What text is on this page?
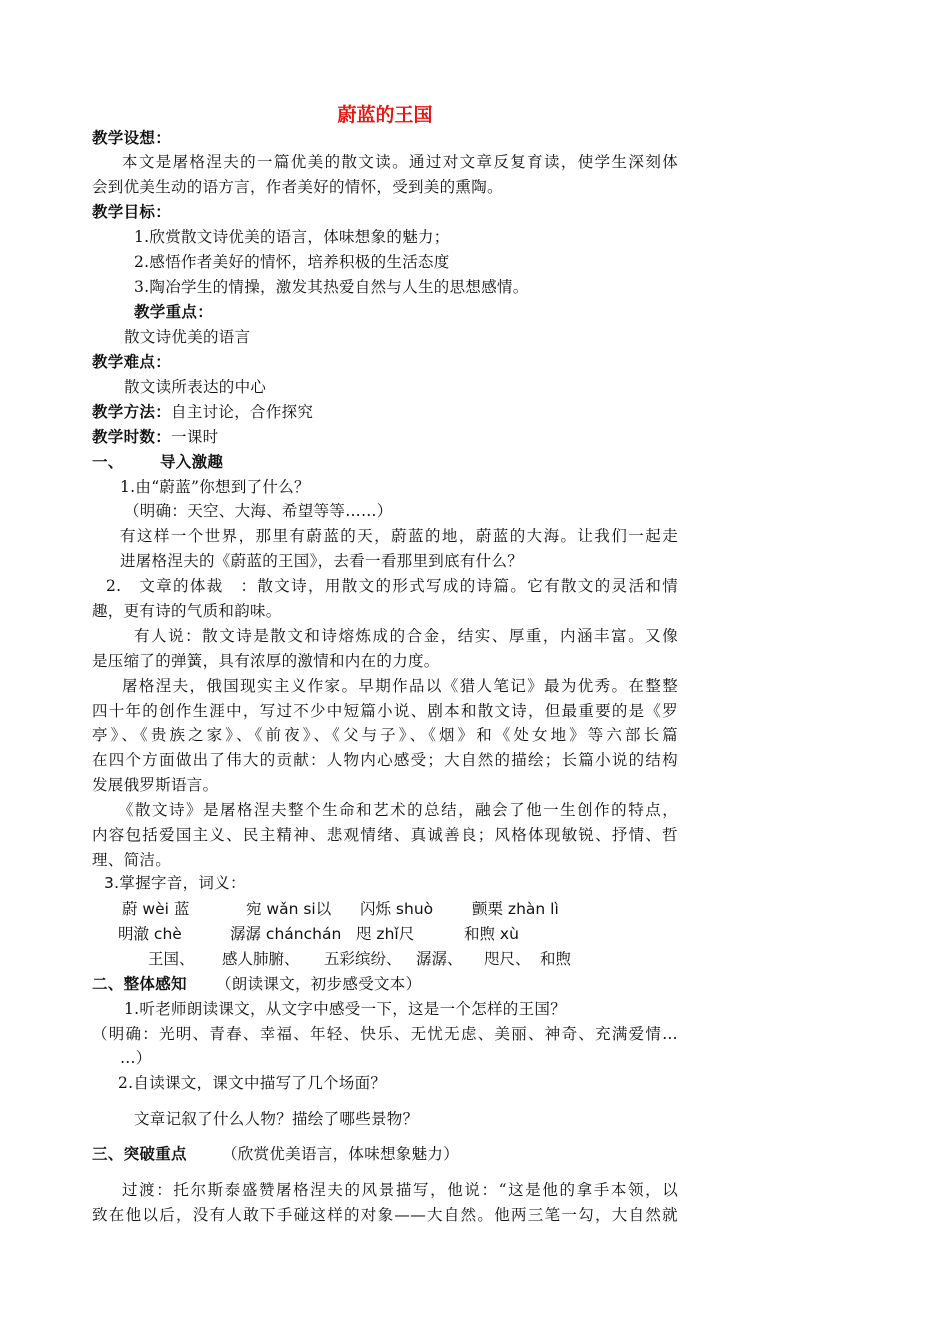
蔚蓝的王国
教学设想：
本文是屠格涅夫的一篇优美的散文读。通过对文章反复育读，使学生深刻体
会到优美生动的语方言，作者美好的情怀，受到美的熏陶。
教学目标：
1.欣赏散文诗优美的语言，体味想象的魅力；
2.感悟作者美好的情怀，培养积极的生活态度
3.陶冶学生的情操，激发其热爱自然与人生的思想感情。
教学重点：
散文诗优美的语言
教学难点：
散文读所表达的中心
教学方法：自主讨论，合作探究
教学时数：一课时
一、 导入激趣
1.由“蔚蓝”你想到了什么？
（明确：天空、大海、希望等等……）
有这样一个世界，那里有蔚蓝的天，蔚蓝的地，蔚蓝的大海。让我们一起走
进屠格涅夫的《蔚蓝的王国》，去看一看那里到底有什么？
2.　文章的体裁　：散文诗，用散文的形式写成的诗篇。它有散文的灵活和情
趣，更有诗的气质和韵味。
有人说：散文诗是散文和诗熔炼成的合金，结实、厚重，内涵丰富。又像
是压缩了的弹簧，具有浓厚的激情和内在的力度。
屠格涅夫，俄国现实主义作家。早期作品以《猎人笔记》最为优秀。在整整
四十年的创作生涯中，写过不少中短篇小说、剧本和散文诗，但最重要的是《罗
亭》、《贵族之家》、《前夜》、《父与子》、《烟》和《处女地》等六部长篇
在四个方面做出了伟大的贡献：人物内心感受；大自然的描绘；长篇小说的结构
发展俄罗斯语言。
《散文诗》是屠格涅夫整个生命和艺术的总结，融会了他一生创作的特点，
内容包括爱国主义、民主精神、悲观情绪、真诚善良；风格体现敏锐、抒情、哲
理、简洁。
3.掌握字音，词义：
蔚 wèi 蓝	宛 wǎn si以 闪烁 shuò	颤栗 zhàn lì
明澈 chè	潺潺 chánchán 咫 zhǐ尺	和煦 xù
王国、 感人肺腑、 五彩缤纷、 潺潺、 咫尺、 和煦
二、整体感知 （朗读课文，初步感受文本）
1.听老师朗读课文，从文字中感受一下，这是一个怎样的王国？
（明确：光明、青春、幸福、年轻、快乐、无忧无虑、美丽、神奇、充满爱情…
…）
2.自读课文，课文中描写了几个场面？
文章记叙了什么人物？描绘了哪些景物？
三、突破重点 （欣赏优美语言，体味想象魅力）
过渡：托尔斯泰盛赞屠格涅夫的风景描写，他说：“这是他的拿手本领，以
致在他以后，没有人敢下手碰这样的对象——大自然。他两三笔一勾，大自然就
